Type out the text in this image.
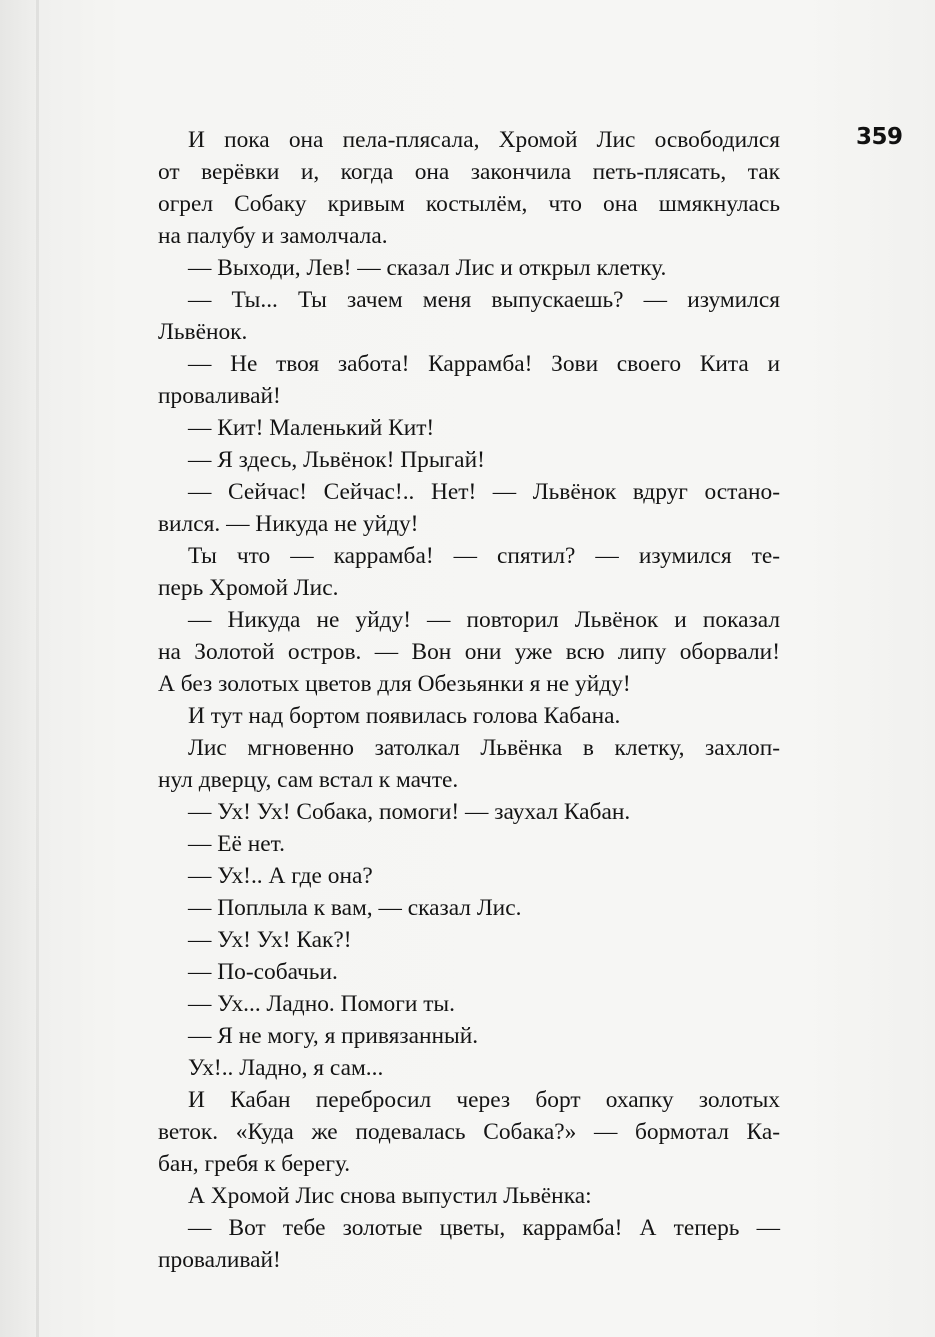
359
И пока она пела-плясала, Хромой Лис освободился
от верёвки и, когда она закончила петь-плясать, так
огрел Собаку кривым костылём, что она шмякнулась
на палубу и замолчала.
— Выходи, Лев! — сказал Лис и открыл клетку.
— Ты... Ты зачем меня выпускаешь? — изумился
Львёнок.
— Не твоя забота! Каррамба! Зови своего Кита и
проваливай!
— Кит! Маленький Кит!
— Я здесь, Львёнок! Прыгай!
— Сейчас! Сейчас!.. Нет! — Львёнок вдруг останo-
вился. — Никуда не уйду!
Ты что — каррамба! — спятил? — изумился те-
перь Хромой Лис.
— Никуда не уйду! — повторил Львёнок и показал
на Золотой остров. — Вон они уже всю липу оборвали!
А без золотых цветов для Обезьянки я не уйду!
И тут над бортом появилась голова Кабана.
Лис мгновенно затолкал Львёнка в клетку, захлоп-
нул дверцу, сам встал к мачте.
— Ух! Ух! Собака, помоги! — заухал Кабан.
— Её нет.
— Ух!.. А где она?
— Поплыла к вам, — сказал Лис.
— Ух! Ух! Как?!
— По-собачьи.
— Ух... Ладно. Помоги ты.
— Я не могу, я привязанный.
Ух!.. Ладно, я сам...
И Кабан перебросил через борт охапку золотых
веток. «Куда же подевалась Собака?» — бормотал Ка-
бан, гребя к берегу.
А Хромой Лис снова выпустил Львёнка:
— Вот тебе золотые цветы, каррамба! А теперь —
проваливай!
